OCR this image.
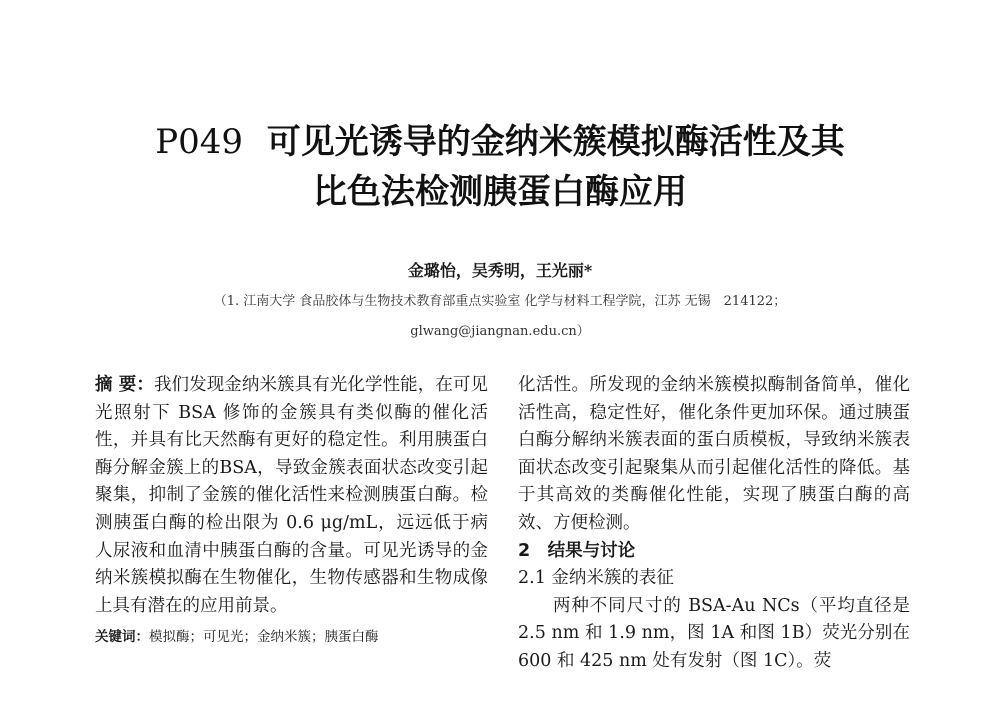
P049 可见光诱导的金纳米簇模拟酶活性及其
比色法检测胰蛋白酶应用
金璐怡，吴秀明，王光丽*
（1. 江南大学 食品胶体与生物技术教育部重点实验室 化学与材料工程学院，江苏 无锡　214122；
glwang@jiangnan.edu.cn）

摘 要：我们发现金纳米簇具有光化学性能，在可见光照射下 BSA 修饰的金簇具有类似酶的催化活性，并具有比天然酶有更好的稳定性。利用胰蛋白酶分解金簇上的BSA，导致金簇表面状态改变引起聚集，抑制了金簇的催化活性来检测胰蛋白酶。检测胰蛋白酶的检出限为 0.6 μg/mL，远远低于病人尿液和血清中胰蛋白酶的含量。可见光诱导的金纳米簇模拟酶在生物催化，生物传感器和生物成像上具有潜在的应用前景。

关键词：模拟酶；可见光；金纳米簇；胰蛋白酶

化活性。所发现的金纳米簇模拟酶制备简单，催化活性高，稳定性好，催化条件更加环保。通过胰蛋白酶分解纳米簇表面的蛋白质模板，导致纳米簇表面状态改变引起聚集从而引起催化活性的降低。基于其高效的类酶催化性能，实现了胰蛋白酶的高效、方便检测。

2　结果与讨论

2.1 金纳米簇的表征

两种不同尺寸的 BSA-Au NCs（平均直径是 2.5 nm 和 1.9 nm，图 1A 和图 1B）荧光分别在 600 和 425 nm 处有发射（图 1C）。荧
